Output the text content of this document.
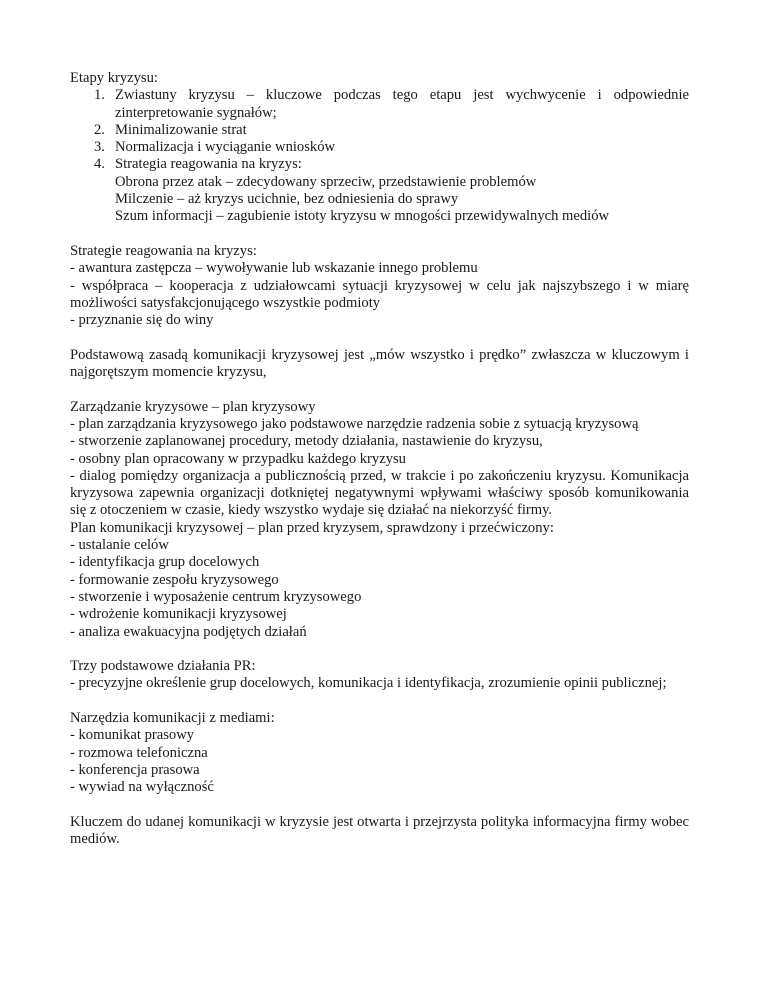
Etapy kryzysu:

1. Zwiastuny kryzysu – kluczowe podczas tego etapu jest wychwycenie i odpowiednie zinterpretowanie sygnałów;
2. Minimalizowanie strat
3. Normalizacja i wyciąganie wniosków
4. Strategia reagowania na kryzys:

Obrona przez atak – zdecydowany sprzeciw, przedstawienie problemów

Milczenie – aż kryzys ucichnie, bez odniesienia do sprawy

Szum informacji – zagubienie istoty kryzysu w mnogości przewidywalnych mediów

Strategie reagowania na kryzys:

- awantura zastępcza – wywoływanie lub wskazanie innego problemu

- współpraca – kooperacja z udziałowcami sytuacji kryzysowej w celu jak najszybszego i w miarę możliwości satysfakcjonującego wszystkie podmioty

- przyznanie się do winy

Podstawową zasadą komunikacji kryzysowej jest „mów wszystko i prędko” zwłaszcza w kluczowym i najgorętszym momencie kryzysu,

Zarządzanie kryzysowe – plan kryzysowy

- plan zarządzania kryzysowego jako podstawowe narzędzie radzenia sobie z sytuacją kryzysową

- stworzenie zaplanowanej procedury, metody działania, nastawienie do kryzysu,

- osobny plan opracowany w przypadku każdego kryzysu

- dialog pomiędzy organizacja a publicznością przed, w trakcie i po zakończeniu kryzysu. Komunikacja kryzysowa zapewnia organizacji dotkniętej negatywnymi wpływami właściwy sposób komunikowania się z otoczeniem w czasie, kiedy wszystko wydaje się działać na niekorzyść firmy.

Plan komunikacji kryzysowej – plan przed kryzysem, sprawdzony i przećwiczony:

- ustalanie celów

- identyfikacja grup docelowych

- formowanie zespołu kryzysowego

- stworzenie i wyposażenie centrum kryzysowego

- wdrożenie komunikacji kryzysowej

- analiza ewakuacyjna podjętych działań

Trzy podstawowe działania PR:

- precyzyjne określenie grup docelowych, komunikacja i identyfikacja, zrozumienie opinii publicznej;

Narzędzia komunikacji z mediami:

- komunikat prasowy

- rozmowa telefoniczna

- konferencja prasowa

- wywiad na wyłączność

Kluczem do udanej komunikacji w kryzysie jest otwarta i przejrzysta polityka informacyjna firmy wobec mediów.
